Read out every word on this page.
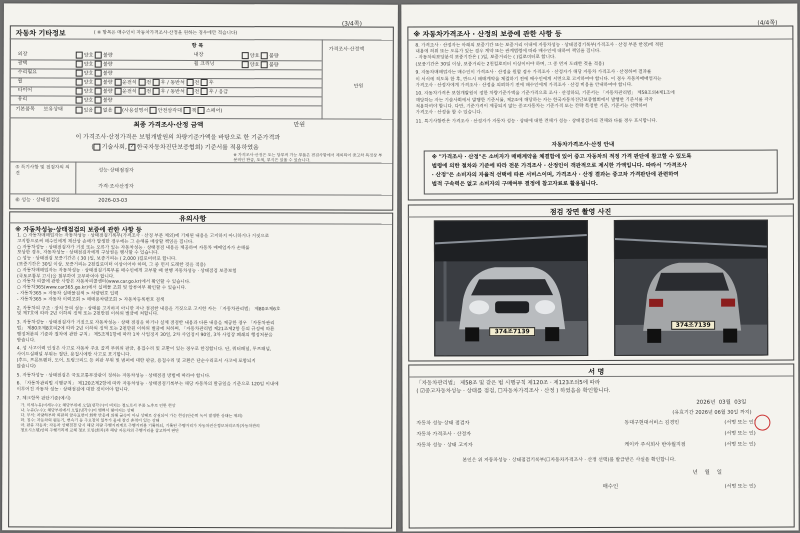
(3/4쪽)
자동차 기타정보	( ※ 항목은 매수인이 자동차가격조사·산정을 원하는 경우에만 적습니다)
항 목
가격조사·산정액
외장	양호 불량	내장	양호 불량
광택	양호 불량	휠 크리닝	양호 불량
수리필요	양호 불량
휠	양호 불량 운전석 전 후 / 동반석 전 후
타이어	양호 불량 운전석 전 후 / 동반석 전 후 / 응급
유리	양호 불량
만원
기본품목 보유상태	있음 없음 (사용설명서 안전삼각대 잭 스페어)
최종 가격조사·산정 금액	만원
이 가격조사·산정가격은 보험개발원의 차량기준가액을 바탕으로 한 기준가격과
( 기술사회, ✓ 한국자동차진단보증협회) 기준서를 적용하였음
※ 가격조사·산정은 도는 당부적 가능 부품은 전검사항에서 제외되어 중고차 특정상 부분적인 판금, 도색, 부식은 있을 수 있습니다.
⑤ 특기사항 및 점검자의 의견
성능·상태점검자
가격·조사산정자
⑥ 성능 · 상태점검일	2026-03-03
유의사항
※ 자동차성능·상태점검의 보증에 관한 사항 등
1. ○ 자동차매매업자는 자동차성능 · 상태점검기록부(가격조사 · 산정 부분 제외)에 기재된 내용을 고지하지 아니하거나 거짓으로
고지함으로써 매수인에게 재산상 손해가 발생한 경우에는 그 손해를 배상할 책임을 집니다.
○ 자동차성능 · 상태점검자가 거짓 또는 오류가 있는 자동차성능 · 상태점검 내용을 제공하여 자동차 매매업자가 손해를
보상한 경우, 자동차성능 · 상태점검자에게 구상권을 행사할 수 있습니다.
○ 성능 · 상태점검 보증기간은 ( 30 )일, 보증거리는 ( 2,000 )킬로미터로 합니다.
(보증기간은 30일 이상, 보증거리는 2천킬로미터 이상이어야 하며, 그 중 먼저 도래한 것을 적용)
○ 자동차매매업자는 자동차성능 · 상태점검기록부를 매수인에게 교부할 때 현행 자동차성능 · 상태점검 보증보험
(국토교통부 고시)을 첨부하여 교부하여야 합니다.
○ 자동차 리콜에 관한 사항은 자동차리콜센터(www.car.go.kr)에서 확인할 수 있습니다.
○ 자동차365(www.car365.go.kr)에서 실매물 조회 및 압류여부 확인할 수 있습니다.
- 자동차365 > 자동차 실매물검색 > 차량번호 입력
- 자동차365 > 자동차 이력조회 > 매매용차량조회 > 자동차등록번호 검색
2. 자동차의 구조 · 장치 등의 성능 · 상태를 고지하지 아니한 자나 점검한 내용을 거짓으로 고지한 자는 「자동차관리법」 제80조제6호
및 제7호에 따라 2년 이하의 징역 또는 2천만원 이하의 벌금에 처합니다.
3. 자동차성능 · 상태점검자가 거짓으로 자동차성능 · 상태 점검을 하거나 실제 점검한 내용과 다른 내용을 제공한 경우 「자동차관리
법」 제80조제8호의2에 따라 2년 이하의 징역 또는 2천만원 이하의 벌금에 처하며, 「자동차관리법 제21조제2항 등의 규정에 따른
행정처분의 기준과 절차에 관한 규칙」 제5조제1항에 따라 1차 사업정지 30일, 2차 사업정지 90일, 3차 사업장 폐쇄의 행정처분을
받습니다.
4. 성 사고이력 인정은 사고로 자동차 주요 골격 부위의 판금, 용접수리 및 교환이 있는 경우로 한정합니다. 단, 쿼터패널, 루프패널,
사이드실패널 부위는 절단, 용접시에만 사고로 표기합니다.
(후드, 프론트펜더, 도어, 트렁크리드 등 외판 부위 및 범퍼에 대한 판금, 용접수리 및 교환은 단순수리로서 사고에 포함되지
않습니다)
5. 자동차성능 · 상태점검은 국토교통부장관이 정하는 자동차성능 · 상태점검 방법에 따라야 합니다.
6. 「자동차관리법 시행규칙」 제120조제2항에 따라 자동차성능 · 상태점검기록부는 해당 자동차의 발급일을 기준으로 120일 이내에
이루어진 자동차 성능 · 상태점검에 대한 것이어야 합니다.
7. 체크항목 판단기준(예시)
가. 미세누유(미세누수): 해당부위에 오일(냉각수)이 비치는 정도로서 부품 노후로 인한 현상
나. 누유(누수): 해당부위에서 오일(냉각수)이 맺혀서 떨어지는 상태
다. 부식: 차량하부와 외판의 금속표면이 화학 반응에 의해 금속이 아닌 상태로 상실되어 가는 현상(단순히 녹이 발생한 상태는 제외)
라. 침수: 자동차의 원동기, 변속기 등 주요장치 일부가 물에 잠긴 흔적이 있는 상태
마. 판유 자동차: 자동차 상태점검 당시 해당 차량 주행거리계로 주행거리를 기록하되, 기록된 주행거리가 자동차전산정보처리조직(자동차관리
정보시스템)상의 주행거리계 교체 정보 토임(회차)과 해당 자동차의 주행거리를 참고하여 판단
(4/4쪽)
※ 자동차가격조사 · 산정의 보증에 관한 사항 등
8. 가격조사 · 산정자는 아래의 보증기간 또는 보증거리 이내에 자동차성능 · 상태점검기록부(가격조사 · 산정 부분 한정)에 적된
내용에 허위 또는 오류가 있는 경우 계약 또는 관계법령에 따라 매수인에 대하여 책임을 집니다.
- 자동차의보당분석 보증기간은 ( )일, 보증거리는 ( )킬로미터로 합니다.
(보증기간은 30일 이상, 보증거리는 2천킬로미터 이상이어야 하며, 그 중 먼저 도래한 것을 적용)
9. 자동차매매업자는 매수인이 가격조사 · 산정을 원할 경우 가격조사 · 산정자가 해당 자동차 가격조사 · 산정하여 결과를
이 서식에 적도록 한 후, 반드시 매매계약을 체결하기 전에 매수인에게 서면으로 고지하여야 합니다. 이 경우 자동차매매업자는
가격조사 · 산정자에게 가격조사 · 산정을 의뢰하기 전에 매수인에게 가격조사 · 산정 비용을 안내하여야 합니다.
10. 자동차가격은 보험개발원이 정한 차량기준가액을 기준가격으로 조사 · 산정하되, 기준서는 「자동차관리법」 제58조의4제1조에
해당하는 자는 기술사회에서 발행한 기준서를, 제2조에 해당하는 자는 한국자동차진단보증협회에서 발행한 기준서를 각각
적용하여야 합니다. 다만, 기준가격이 제공되지 않는 중고자동차는 기준가격 또는 간략 특정한 기준, 기준서는 선택하여
가격조사 · 산정을 할 수 있습니다.
11. 특기사항란은 가격조사 · 산정자가 자동차 성능 · 상태에 대한 견해가 성능 · 상태점검자의 견해와 다를 경우 표시합니다.
자동차가격조사·산정 안내
※ "가격조사 · 산정"은 소비자가 매매계약을 체결함에 있어 중고 자동차의 적정 가격 판단에 참고할 수 있도록
법령에 의한 절차와 기준에 따라 전문 가격조사 · 산정인이 객관적으로 제시한 가액입니다. 따라서 "가격조사
· 산정"은 소비자의 자율적 선택에 따른 서비스이며, 가격조사 · 산정 결과는 중고차 가격판단에 관련하여
법적 구속력은 없고 소비자의 구매여부 결정에 참고자료로 활용됩니다.
점검 장면 촬영 사진
374조7139
374조7139
서 명
「자동차관리법」 제58조 및 같은 법 시행규칙 제120조 · 제123조의5에 따라
( ☑중고자동차성능 · 상태를 점검, ☐자동차가격조사 · 산정 ) 하였음을 확인합니다.
2026년 03월 03일
(유효기간 2026년 06월 30일 까지)
자동차 성능·상태 점검자	동대구현대서비스 김경민	(서명 또는 인)
자동차 가격조사 · 산정자	(서명 또는 인)
자동차 성능 · 상태 고지자	케이카 주식회사 반야월지점	(서명 또는 인)
본인은 위 자동차성능 · 상태점검기록부(☐자동차가격조사 · 산정 선택)를 발급받은 사실을 확인합니다.
년 월 일
매수인	(서명 또는 인)
